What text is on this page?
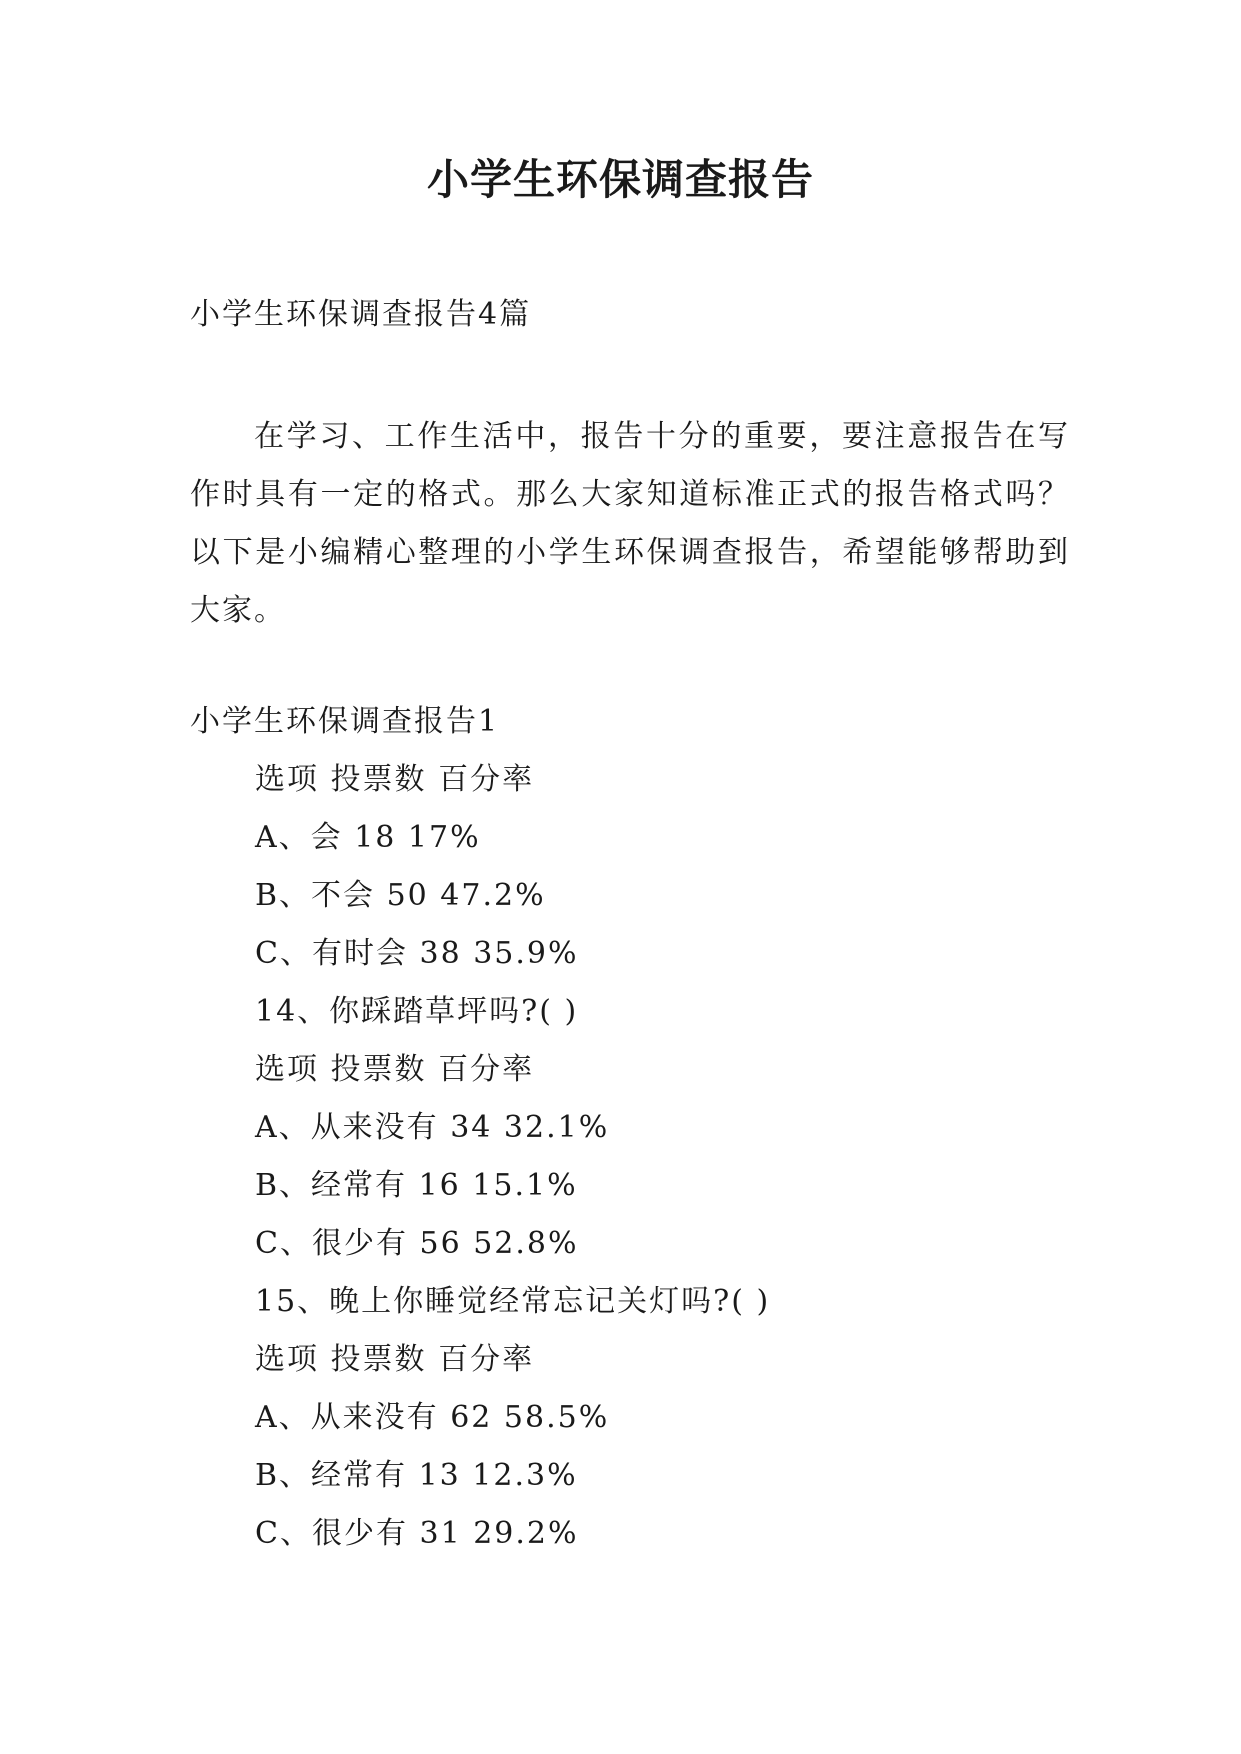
小学生环保调查报告

小学生环保调查报告4篇

在学习、工作生活中，报告十分的重要，要注意报告在写作时具有一定的格式。那么大家知道标准正式的报告格式吗？以下是小编精心整理的小学生环保调查报告，希望能够帮助到大家。

小学生环保调查报告1

选项 投票数 百分率

A、会 18 17%

B、不会 50 47.2%

C、有时会 38 35.9%

14、你踩踏草坪吗?( )

选项 投票数 百分率

A、从来没有 34 32.1%

B、经常有 16 15.1%

C、很少有 56 52.8%

15、晚上你睡觉经常忘记关灯吗?( )

选项 投票数 百分率

A、从来没有 62 58.5%

B、经常有 13 12.3%

C、很少有 31 29.2%
